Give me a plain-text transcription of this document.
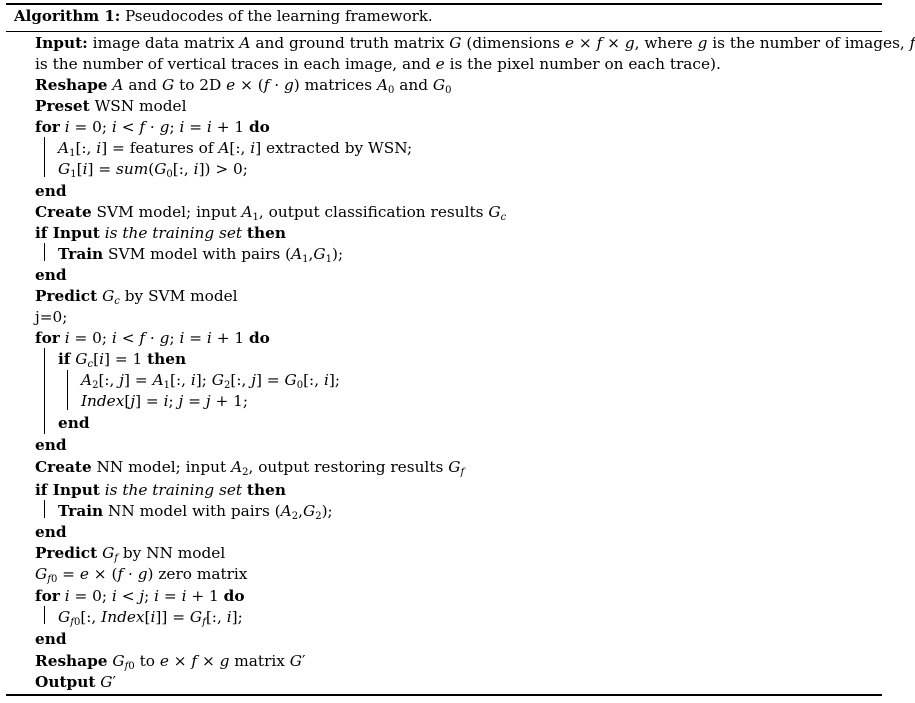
Algorithm 1: Pseudocodes of the learning framework.
Input: image data matrix A and ground truth matrix G (dimensions e × f × g, where g is the number of images, f
is the number of vertical traces in each image, and e is the pixel number on each trace).
Reshape A and G to 2D e × (f · g) matrices $A_0$ and $G_0$
Preset WSN model
for i = 0; i < f · g; i = i + 1 do
$A_1$[:, i] = features of A[:, i] extracted by WSN;
$G_1[i] = sum(G_0$[:, i]) > 0;
end
Create SVM model; input $A_1$, output classification results $G_c$
if Input is the training set then
Train SVM model with pairs $(A_1,G_1)$;
end
Predict $G_c$ by SVM model
j=0;
for i = 0; i < f · g; i = i + 1 do
if $G_c[i] = 1$ then
$A_2$[:, $j] = A_1$[:, i]; $G_2$[:, $j] = G_0$[:, i];
Index[j] = i; j = j + 1;
end
end
Create NN model; input $A_2$, output restoring results $G_f$
if Input is the training set then
Train NN model with pairs $(A_2,G_2)$;
end
Predict $G_f$ by NN model
$G_{f0} = e \times (f \cdot g)$ zero matrix
for i = 0; i < j; i = i + 1 do
$G_{f0}$[:, Index[i]] = $G_f$[:, i];
end
Reshape $G_{f0}$ to e × f × g matrix G′
Output G′
